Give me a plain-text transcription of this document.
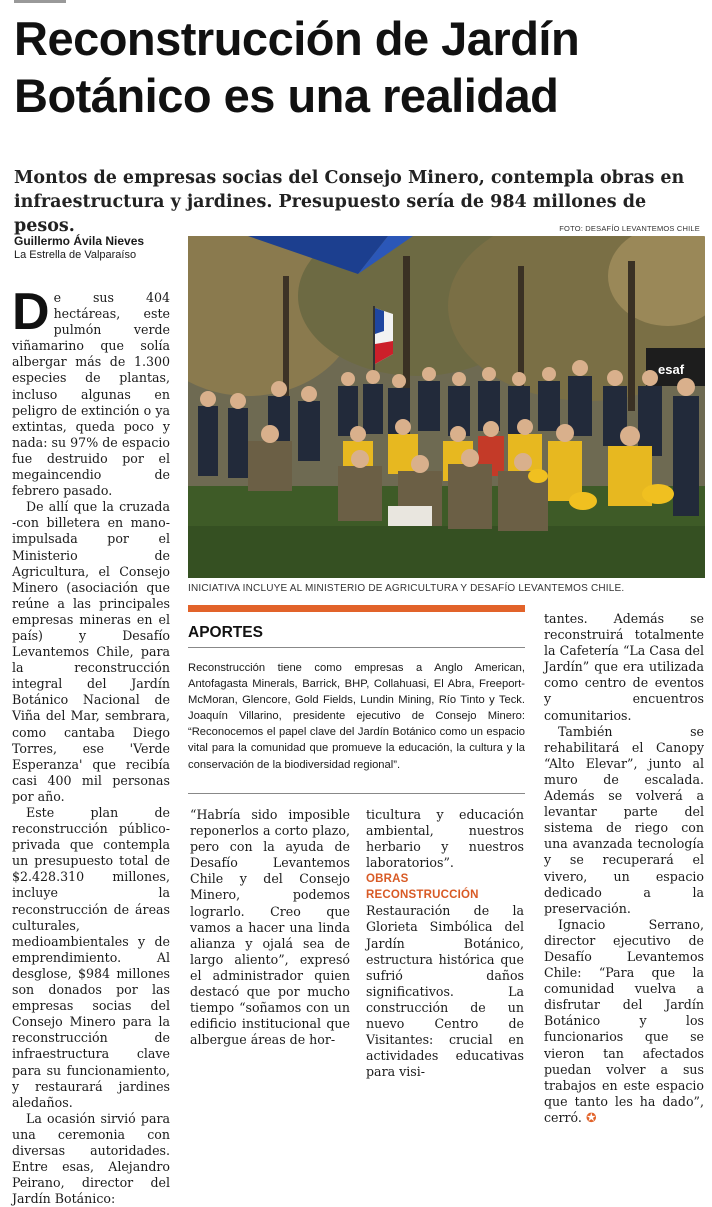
Reconstrucción de Jardín Botánico es una realidad

Montos de empresas socias del Consejo Minero, contempla obras en infraestructura y jardines. Presupuesto sería de 984 millones de pesos.

Guillermo Ávila Nieves
La Estrella de Valparaíso
FOTO: DESAFÍO LEVANTEMOS CHILE
esaf
INICIATIVA INCLUYE AL MINISTERIO DE AGRICULTURA Y DESAFÍO LEVANTEMOS CHILE.

De sus 404 hectáreas, este pulmón verde viñamarino que solía albergar más de 1.300 especies de plantas, incluso algunas en peligro de extinción o ya extintas, queda poco y nada: su 97% de espacio fue destruido por el megaincendio de febrero pasado.

De allí que la cruzada -con billetera en mano- impulsada por el Ministerio de Agricultura, el Consejo Minero (asociación que reúne a las principales empresas mineras en el país) y Desafío Levantemos Chile, para la reconstrucción integral del Jardín Botánico Nacional de Viña del Mar, sembrara, como cantaba Diego Torres, ese 'Verde Esperanza' que recibía casi 400 mil personas por año.

Este plan de reconstrucción público-privada que contempla un presupuesto total de $2.428.310 millones, incluye la reconstrucción de áreas culturales, medioambientales y de emprendimiento. Al desglose, $984 millones son donados por las empresas socias del Consejo Minero para la reconstrucción de infraestructura clave para su funcionamiento, y restaurará jardines aledaños.

La ocasión sirvió para una ceremonia con diversas autoridades. Entre esas, Alejandro Peirano, director del Jardín Botánico:

APORTES

Reconstrucción tiene como empresas a Anglo American, Antofagasta Minerals, Barrick, BHP, Collahuasi, El Abra, Freeport-McMoran, Glencore, Gold Fields, Lundin Mining, Río Tinto y Teck. Joaquín Villarino, presidente ejecutivo de Consejo Minero: “Reconocemos el papel clave del Jardín Botánico como un espacio vital para la comunidad que promueve la educación, la cultura y la conservación de la biodiversidad regional”.

“Habría sido imposible reponerlos a corto plazo, pero con la ayuda de Desafío Levantemos Chile y del Consejo Minero, podemos lograrlo. Creo que vamos a hacer una linda alianza y ojalá sea de largo aliento”, expresó el administrador quien destacó que por mucho tiempo “soñamos con un edificio institucional que albergue áreas de hor-

ticultura y educación ambiental, nuestros herbario y nuestros laboratorios”.

OBRAS RECONSTRUCCIÓN

Restauración de la Glorieta Simbólica del Jardín Botánico, estructura histórica que sufrió daños significativos. La construcción de un nuevo Centro de Visitantes: crucial en actividades educativas para visi-

tantes. Además se reconstruirá totalmente la Cafetería “La Casa del Jardín” que era utilizada como centro de eventos y encuentros comunitarios.

También se rehabilitará el Canopy “Alto Elevar”, junto al muro de escalada. Además se volverá a levantar parte del sistema de riego con una avanzada tecnología y se recuperará el vivero, un espacio dedicado a la preservación.

Ignacio Serrano, director ejecutivo de Desafío Levantemos Chile: “Para que la comunidad vuelva a disfrutar del Jardín Botánico y los funcionarios que se vieron tan afectados puedan volver a sus trabajos en este espacio que tanto les ha dado”, cerró. ✪
